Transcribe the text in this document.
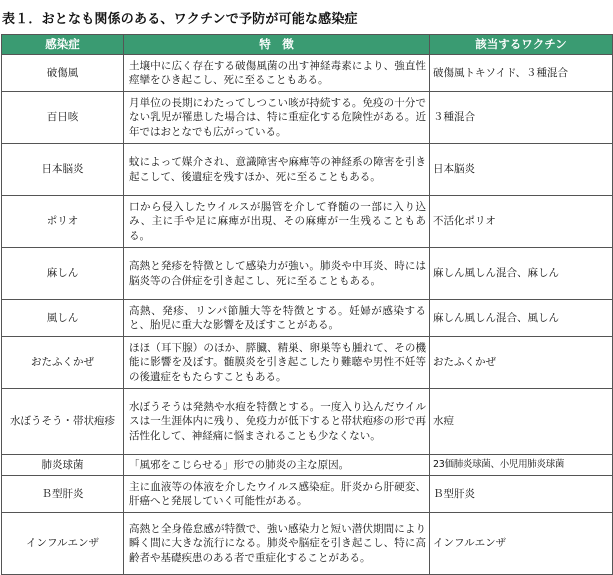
表１．おとなも関係のある、ワクチンで予防が可能な感染症
感染症	特　徴	該当するワクチン
破傷風	土壌中に広く存在する破傷風菌の出す神経毒素により、強直性痙攣をひき起こし、死に至ることもある。	破傷風トキソイド、３種混合
百日咳	月単位の長期にわたってしつこい咳が持続する。免疫の十分でない乳児が罹患した場合は、特に重症化する危険性がある。近年ではおとなでも広がっている。	３種混合
日本脳炎	蚊によって媒介され、意識障害や麻痺等の神経系の障害を引き起こして、後遺症を残すほか、死に至ることもある。	日本脳炎
ポリオ	口から侵入したウイルスが腸管を介して脊髄の一部に入り込み、主に手や足に麻痺が出現、その麻痺が一生残ることもある。	不活化ポリオ
麻しん	高熱と発疹を特徴として感染力が強い。肺炎や中耳炎、時には脳炎等の合併症を引き起こし、死に至ることもある。	麻しん風しん混合、麻しん
風しん	高熱、発疹、リンパ節腫大等を特徴とする。妊婦が感染すると、胎児に重大な影響を及ぼすことがある。	麻しん風しん混合、風しん
おたふくかぜ	ほほ（耳下腺）のほか、膵臓、精巣、卵巣等も腫れて、その機能に影響を及ぼす。髄膜炎を引き起こしたり難聴や男性不妊等の後遺症をもたらすこともある。	おたふくかぜ
水ぼうそう・帯状疱疹	水ぼうそうは発熱や水疱を特徴とする。一度入り込んだウイルスは一生涯体内に残り、免疫力が低下すると帯状疱疹の形で再活性化して、神経痛に悩まされることも少なくない。	水痘
肺炎球菌	「風邪をこじらせる」形での肺炎の主な原因。	23価肺炎球菌、小児用肺炎球菌
Ｂ型肝炎	主に血液等の体液を介したウイルス感染症。肝炎から肝硬変、肝癌へと発展していく可能性がある。	Ｂ型肝炎
インフルエンザ	高熱と全身倦怠感が特徴で、強い感染力と短い潜伏期間により瞬く間に大きな流行になる。肺炎や脳症を引き起こし、特に高齢者や基礎疾患のある者で重症化することがある。	インフルエンザ
